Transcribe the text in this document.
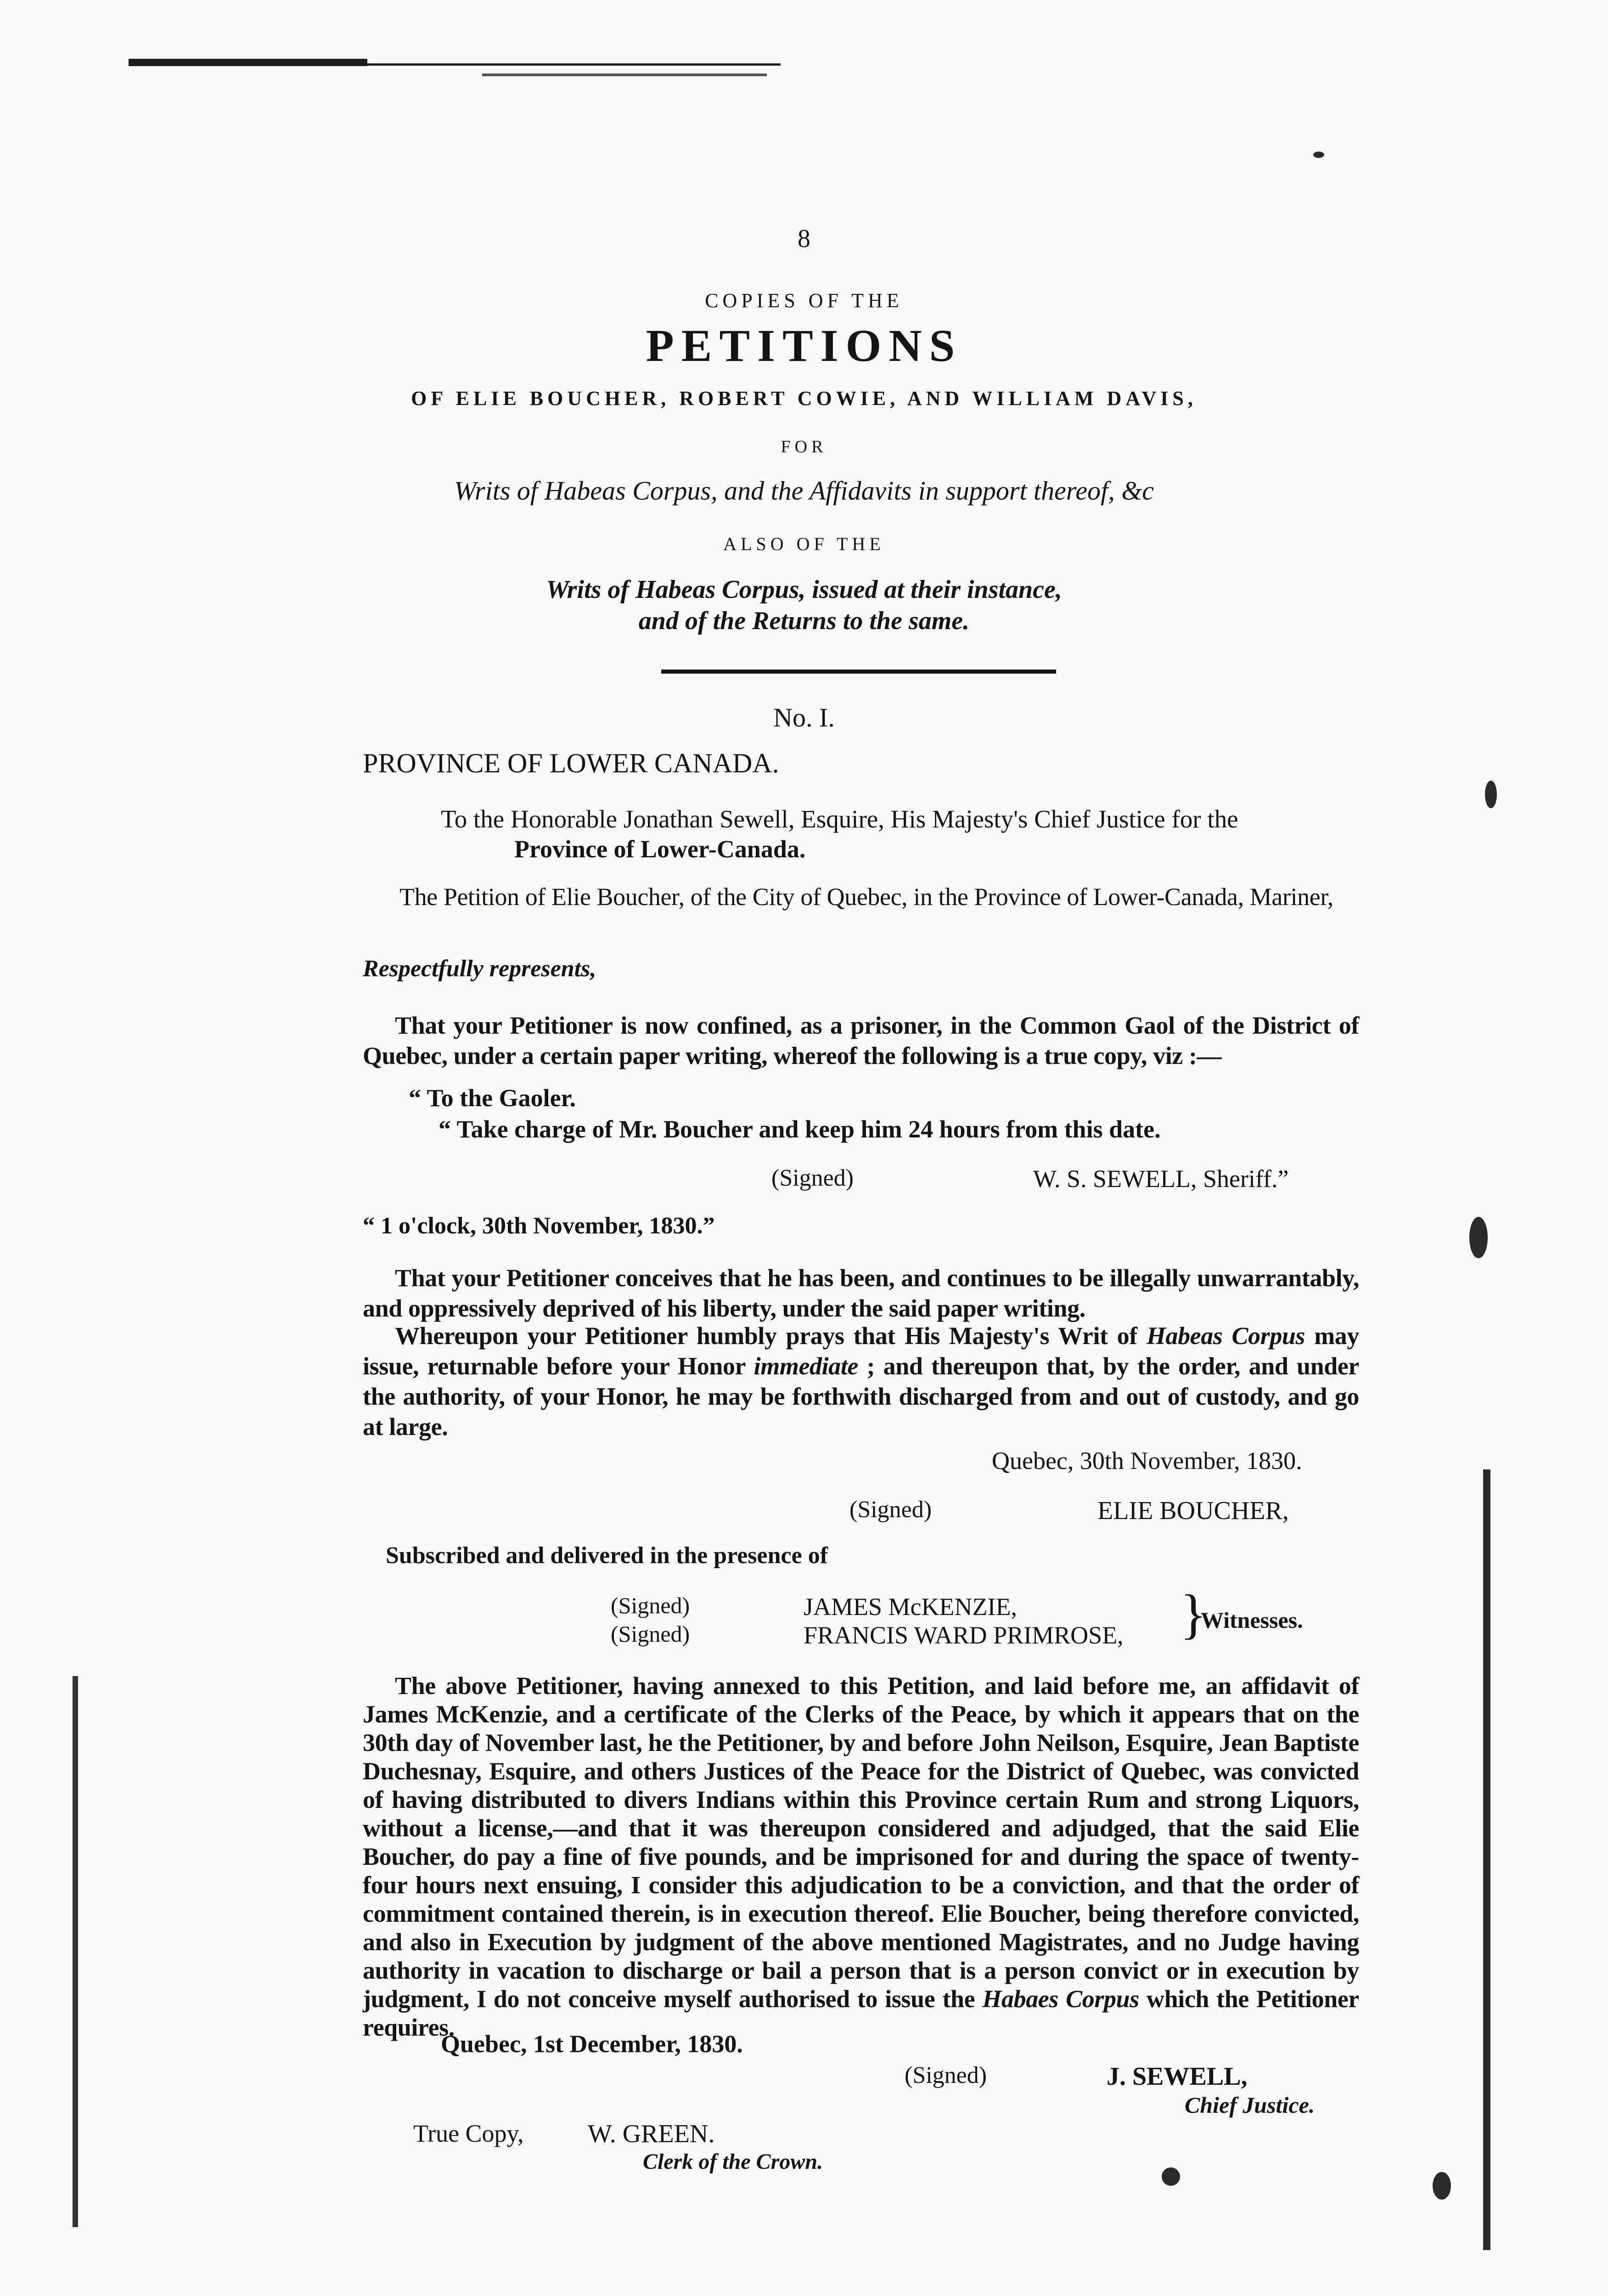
8
COPIES OF THE
PETITIONS
OF ELIE BOUCHER, ROBERT COWIE, AND WILLIAM DAVIS,
FOR
Writs of Habeas Corpus, and the Affidavits in support thereof, &c
ALSO OF THE
Writs of Habeas Corpus, issued at their instance,
and of the Returns to the same.
No. I.
PROVINCE OF LOWER CANADA.
To the Honorable Jonathan Sewell, Esquire, His Majesty's Chief Justice for the
Province of Lower-Canada.
The Petition of Elie Boucher, of the City of Quebec, in the Province of Lower-Canada, Mariner,
Respectfully represents,
That your Petitioner is now confined, as a prisoner, in the Common Gaol of the District of Quebec, under a certain paper writing, whereof the following is a true copy, viz :—
“ To the Gaoler.
“ Take charge of Mr. Boucher and keep him 24 hours from this date.
(Signed)	W. S. SEWELL, Sheriff.”
“ 1 o'clock, 30th November, 1830.”
That your Petitioner conceives that he has been, and continues to be illegally unwarrantably, and oppressively deprived of his liberty, under the said paper writing.
Whereupon your Petitioner humbly prays that His Majesty's Writ of Habeas Corpus may issue, returnable before your Honor immediate ; and thereupon that, by the order, and under the authority, of your Honor, he may be forthwith discharged from and out of custody, and go at large.
Quebec, 30th November, 1830.
(Signed)	ELIE BOUCHER,
Subscribed and delivered in the presence of
(Signed)	JAMES McKENZIE,
(Signed)	FRANCIS WARD PRIMROSE, }
Witnesses.
The above Petitioner, having annexed to this Petition, and laid before me, an affidavit of James McKenzie, and a certificate of the Clerks of the Peace, by which it appears that on the 30th day of November last, he the Petitioner, by and before John Neilson, Esquire, Jean Baptiste Duchesnay, Esquire, and others Justices of the Peace for the District of Quebec, was convicted of having distributed to divers Indians within this Province certain Rum and strong Liquors, without a license,—and that it was thereupon considered and adjudged, that the said Elie Boucher, do pay a fine of five pounds, and be imprisoned for and during the space of twenty-four hours next ensuing, I consider this adjudication to be a conviction, and that the order of commitment contained therein, is in execution thereof. Elie Boucher, being therefore convicted, and also in Execution by judgment of the above mentioned Magistrates, and no Judge having authority in vacation to discharge or bail a person that is a person convict or in execution by judgment, I do not conceive myself authorised to issue the Habaes Corpus which the Petitioner requires.
Quebec, 1st December, 1830.
(Signed)	J. SEWELL,
Chief Justice.
True Copy, W. GREEN.
Clerk of the Crown.
